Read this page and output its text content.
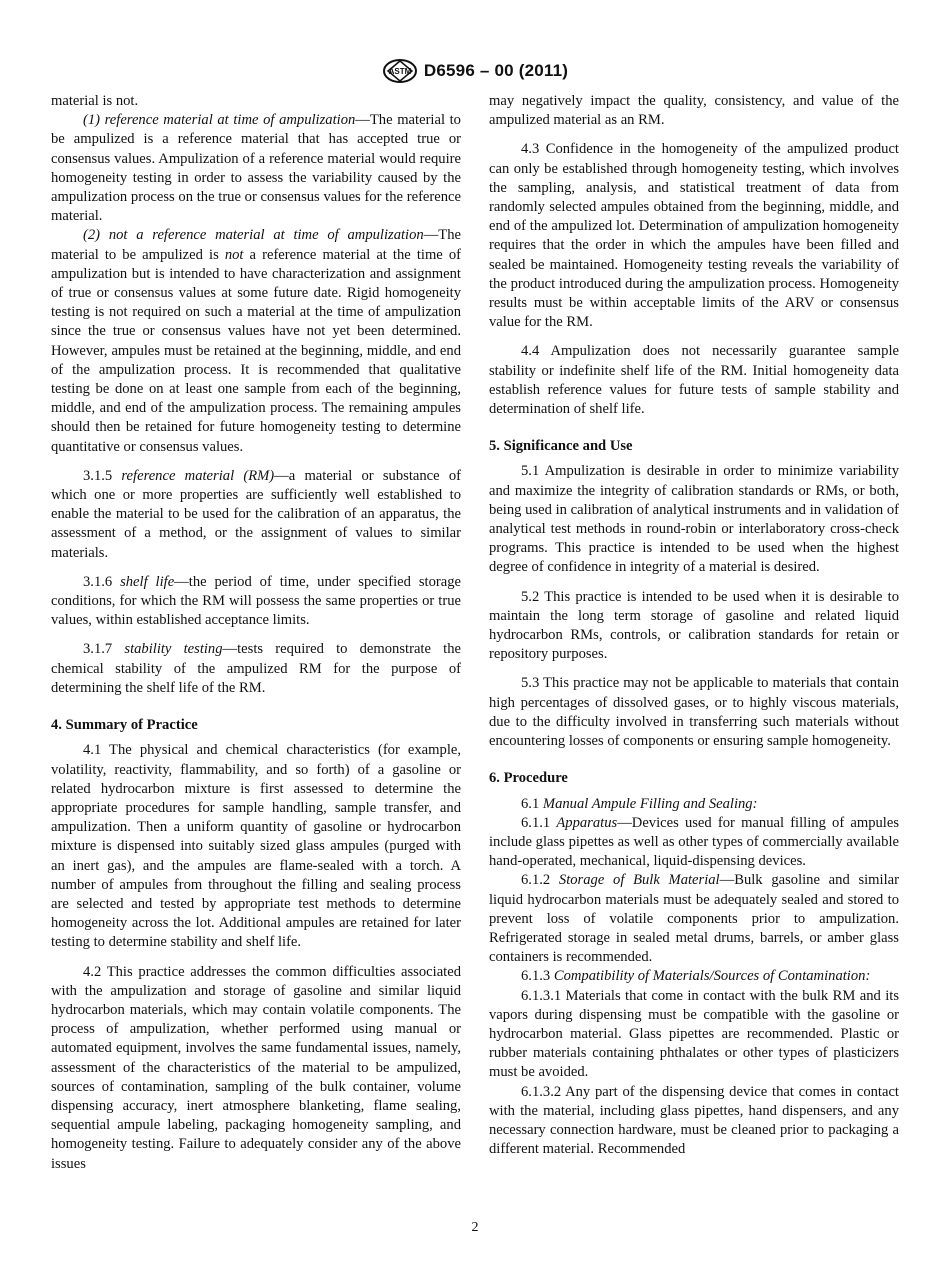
ASTM D6596 – 00 (2011)

material is not.

(1) reference material at time of ampulization—The material to be ampulized is a reference material that has accepted true or consensus values. Ampulization of a reference material would require homogeneity testing in order to assess the variability caused by the ampulization process on the true or consensus values for the reference material.

(2) not a reference material at time of ampulization—The material to be ampulized is not a reference material at the time of ampulization but is intended to have characterization and assignment of true or consensus values at some future date. Rigid homogeneity testing is not required on such a material at the time of ampulization since the true or consensus values have not yet been determined. However, ampules must be retained at the beginning, middle, and end of the ampulization process. It is recommended that qualitative testing be done on at least one sample from each of the beginning, middle, and end of the ampulization process. The remaining ampules should then be retained for future homogeneity testing to determine quantitative or consensus values.

3.1.5 reference material (RM)—a material or substance of which one or more properties are sufficiently well established to enable the material to be used for the calibration of an apparatus, the assessment of a method, or the assignment of values to similar materials.

3.1.6 shelf life—the period of time, under specified storage conditions, for which the RM will possess the same properties or true values, within established acceptance limits.

3.1.7 stability testing—tests required to demonstrate the chemical stability of the ampulized RM for the purpose of determining the shelf life of the RM.

4. Summary of Practice

4.1 The physical and chemical characteristics (for example, volatility, reactivity, flammability, and so forth) of a gasoline or related hydrocarbon mixture is first assessed to determine the appropriate procedures for sample handling, sample transfer, and ampulization. Then a uniform quantity of gasoline or hydrocarbon mixture is dispensed into suitably sized glass ampules (purged with an inert gas), and the ampules are flame-sealed with a torch. A number of ampules from throughout the filling and sealing process are selected and tested by appropriate test methods to determine homogeneity across the lot. Additional ampules are retained for later testing to determine stability and shelf life.

4.2 This practice addresses the common difficulties associated with the ampulization and storage of gasoline and similar liquid hydrocarbon materials, which may contain volatile components. The process of ampulization, whether performed using manual or automated equipment, involves the same fundamental issues, namely, assessment of the characteristics of the material to be ampulized, sources of contamination, sampling of the bulk container, volume dispensing accuracy, inert atmosphere blanketing, flame sealing, sequential ampule labeling, packaging homogeneity sampling, and homogeneity testing. Failure to adequately consider any of the above issues

may negatively impact the quality, consistency, and value of the ampulized material as an RM.

4.3 Confidence in the homogeneity of the ampulized product can only be established through homogeneity testing, which involves the sampling, analysis, and statistical treatment of data from randomly selected ampules obtained from the beginning, middle, and end of the ampulized lot. Determination of ampulization homogeneity requires that the order in which the ampules have been filled and sealed be maintained. Homogeneity testing reveals the variability of the product introduced during the ampulization process. Homogeneity results must be within acceptable limits of the ARV or consensus value for the RM.

4.4 Ampulization does not necessarily guarantee sample stability or indefinite shelf life of the RM. Initial homogeneity data establish reference values for future tests of sample stability and determination of shelf life.

5. Significance and Use

5.1 Ampulization is desirable in order to minimize variability and maximize the integrity of calibration standards or RMs, or both, being used in calibration of analytical instruments and in validation of analytical test methods in round-robin or interlaboratory cross-check programs. This practice is intended to be used when the highest degree of confidence in integrity of a material is desired.

5.2 This practice is intended to be used when it is desirable to maintain the long term storage of gasoline and related liquid hydrocarbon RMs, controls, or calibration standards for retain or repository purposes.

5.3 This practice may not be applicable to materials that contain high percentages of dissolved gases, or to highly viscous materials, due to the difficulty involved in transferring such materials without encountering losses of components or ensuring sample homogeneity.

6. Procedure

6.1 Manual Ampule Filling and Sealing:

6.1.1 Apparatus—Devices used for manual filling of ampules include glass pipettes as well as other types of commercially available hand-operated, mechanical, liquid-dispensing devices.

6.1.2 Storage of Bulk Material—Bulk gasoline and similar liquid hydrocarbon materials must be adequately sealed and stored to prevent loss of volatile components prior to ampulization. Refrigerated storage in sealed metal drums, barrels, or amber glass containers is recommended.

6.1.3 Compatibility of Materials/Sources of Contamination:

6.1.3.1 Materials that come in contact with the bulk RM and its vapors during dispensing must be compatible with the gasoline or hydrocarbon material. Glass pipettes are recommended. Plastic or rubber materials containing phthalates or other types of plasticizers must be avoided.

6.1.3.2 Any part of the dispensing device that comes in contact with the material, including glass pipettes, hand dispensers, and any necessary connection hardware, must be cleaned prior to packaging a different material. Recommended

2
